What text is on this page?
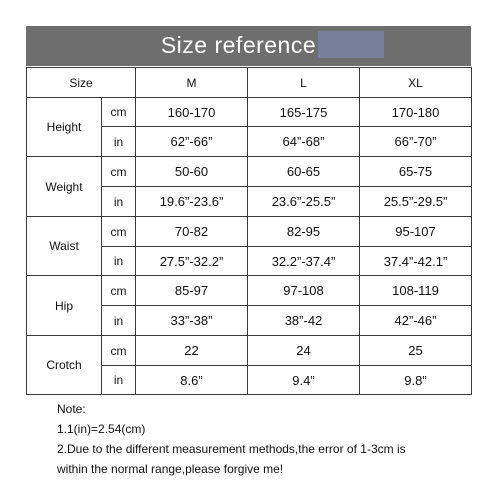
Size reference
Size		M	L	XL
Height	cm	160-170	165-175	170-180
	in	62”-66”	64”-68”	66”-70”
Weight	cm	50-60	60-65	65-75
	in	19.6”-23.6”	23.6”-25.5”	25.5”-29.5”
Waist	cm	70-82	82-95	95-107
	in	27.5”-32.2”	32.2”-37.4”	37.4”-42.1”
Hip	cm	85-97	97-108	108-119
	in	33”-38”	38”-42	42”-46”
Crotch	cm	22	24	25
	in	8.6”	9.4”	9.8”
Note:
1.1(in)=2.54(cm)
2.Due to the different measurement methods,the error of 1-3cm is
within the normal range,please forgive me!
